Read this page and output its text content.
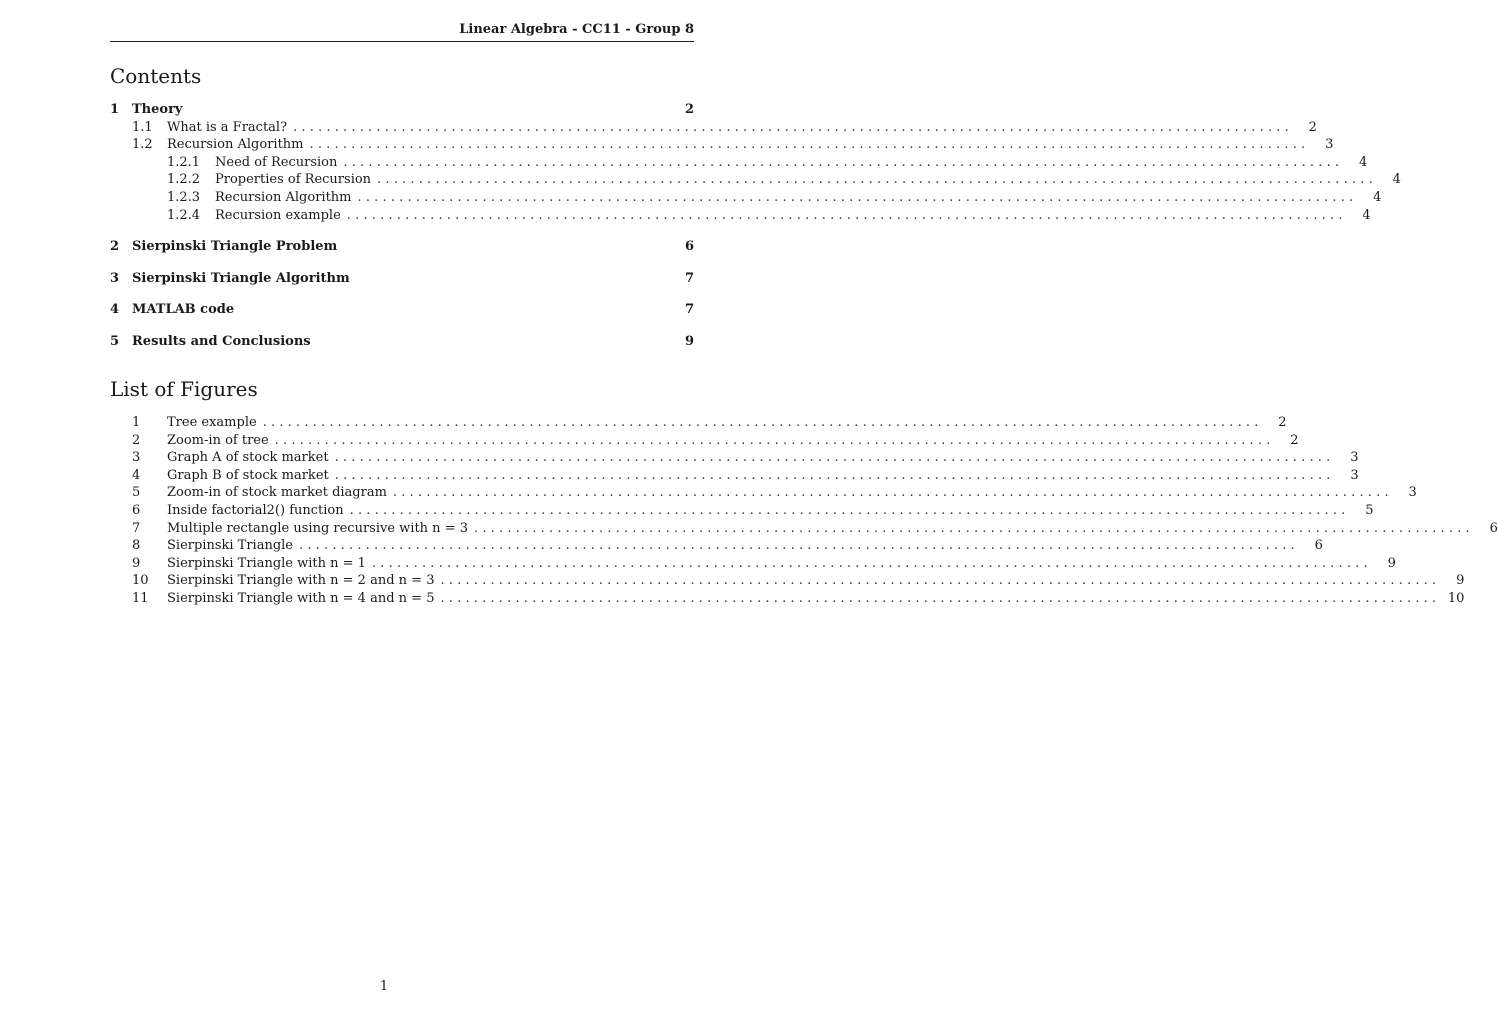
Linear Algebra - CC11 - Group 8
Contents
1 Theory	2
1.1	What is a Fractal? ........................................................................................................................	2
1.2	Recursion Algorithm ........................................................................................................................	3
1.2.1	Need of Recursion ........................................................................................................................	4
1.2.2	Properties of Recursion ........................................................................................................................	4
1.2.3	Recursion Algorithm ........................................................................................................................	4
1.2.4	Recursion example ........................................................................................................................	4
2 Sierpinski Triangle Problem	6
3 Sierpinski Triangle Algorithm	7
4 MATLAB code	7
5 Results and Conclusions	9
List of Figures
1	Tree example ........................................................................................................................	2
2	Zoom-in of tree ........................................................................................................................	2
3	Graph A of stock market ........................................................................................................................	3
4	Graph B of stock market ........................................................................................................................	3
5	Zoom-in of stock market diagram ........................................................................................................................	3
6	Inside factorial2() function ........................................................................................................................	5
7	Multiple rectangle using recursive with n = 3 ........................................................................................................................	6
8	Sierpinski Triangle ........................................................................................................................	6
9	Sierpinski Triangle with n = 1 ........................................................................................................................	9
10	Sierpinski Triangle with n = 2 and n = 3 ........................................................................................................................	9
11	Sierpinski Triangle with n = 4 and n = 5 ........................................................................................................................ 10
1
